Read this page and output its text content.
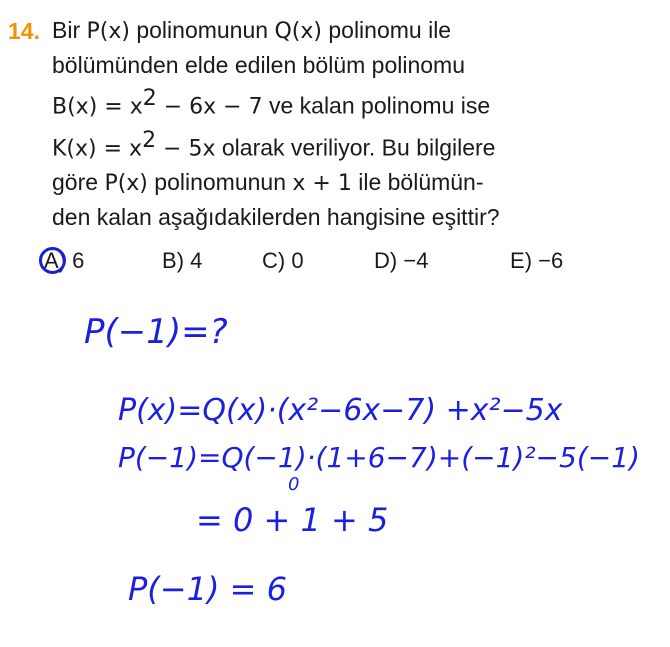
14. Bir P(x) polinomunun Q(x) polinomu ile
bölümünden elde edilen bölüm polinomu
$B(x) = x^2 - 6x - 7$ ve kalan polinomu ise
$K(x) = x^2 - 5x$ olarak veriliyor. Bu bilgilere
göre P(x) polinomunun x + 1 ile bölümün-
den kalan aşağıdakilerden hangisine eşittir?
A) 6	B) 4	C) 0	D) −4	E) −6
P(−1)=?
P(x)=Q(x)·(x²−6x−7) +x²−5x
P(−1)=Q(−1)·(1+6−7)+(−1)²−5(−1)
0
= 0 + 1 + 5
P(−1) = 6
